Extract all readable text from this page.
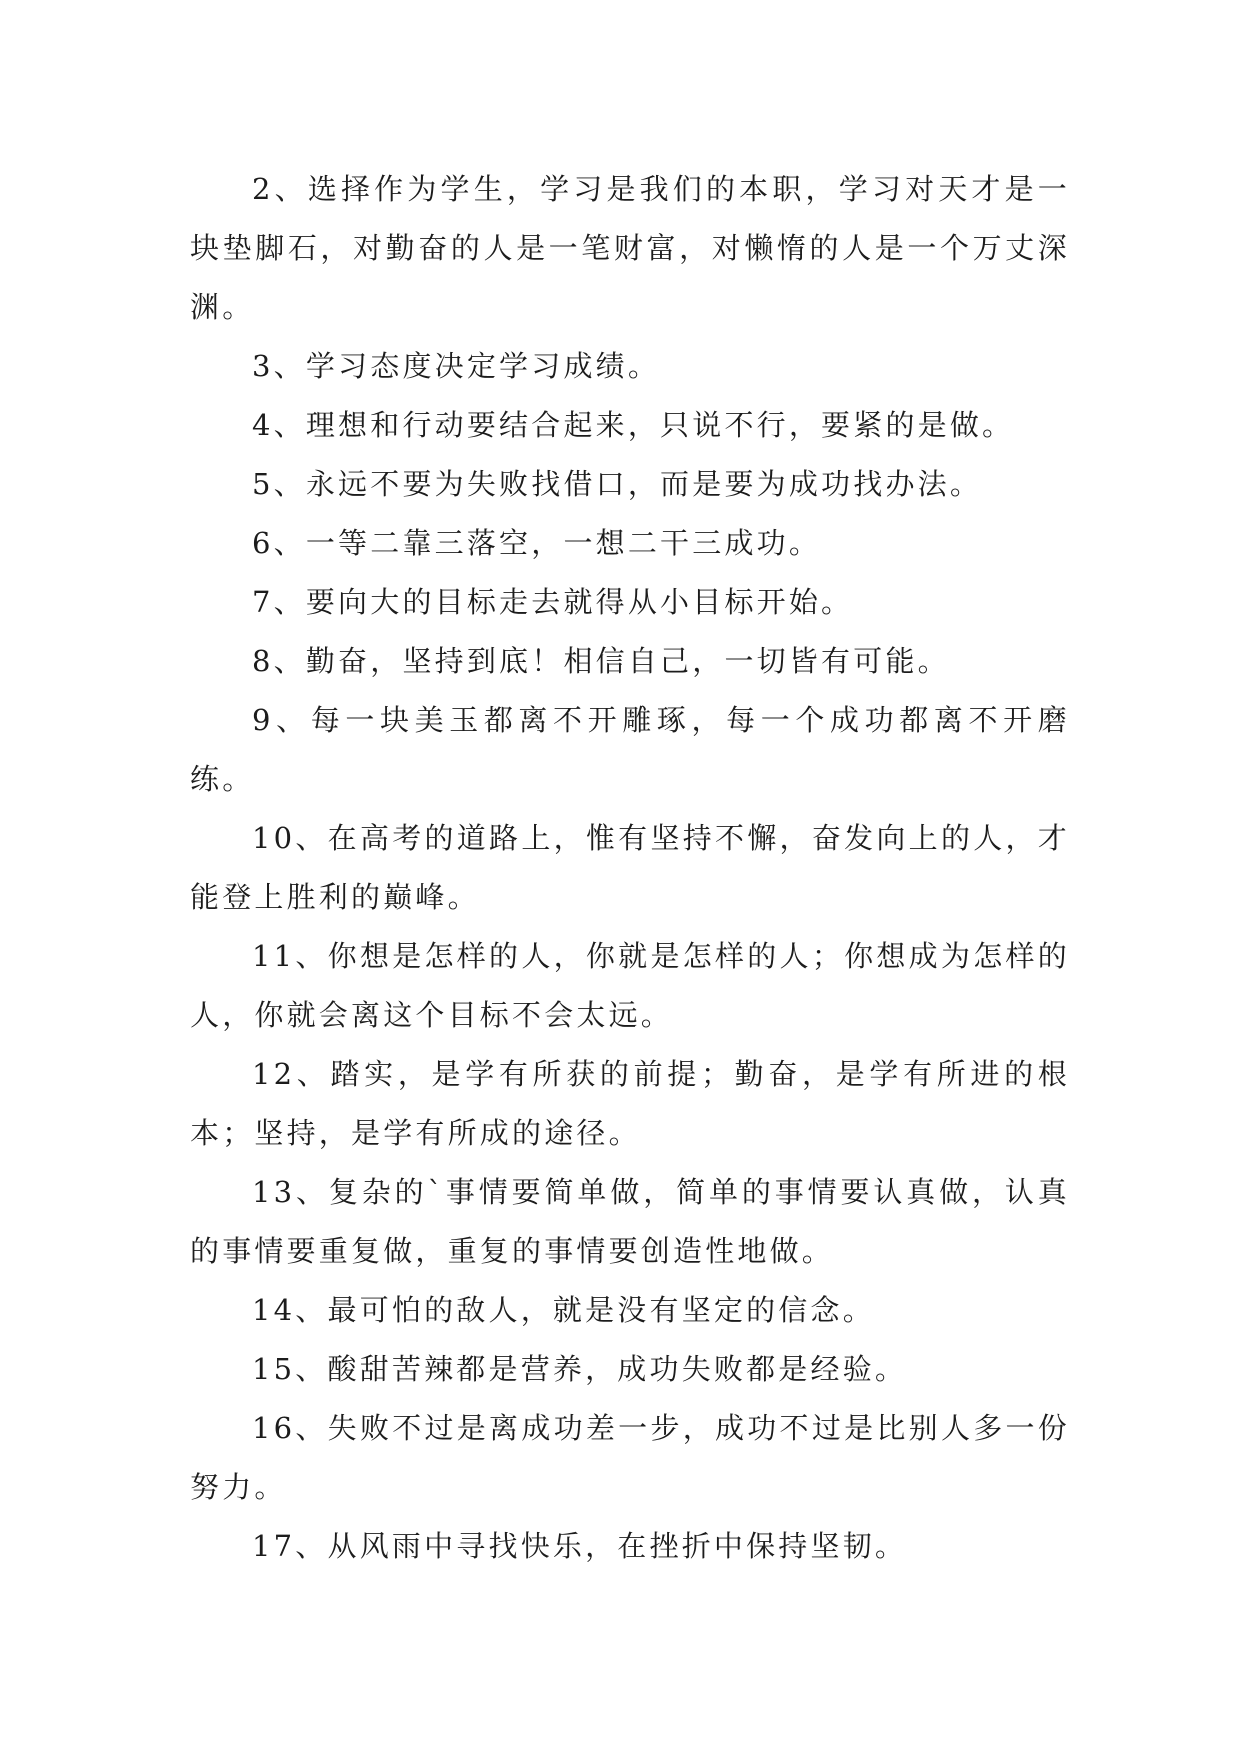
2、选择作为学生，学习是我们的本职，学习对天才是一块垫脚石，对勤奋的人是一笔财富，对懒惰的人是一个万丈深渊。

3、学习态度决定学习成绩。

4、理想和行动要结合起来，只说不行，要紧的是做。

5、永远不要为失败找借口，而是要为成功找办法。

6、一等二靠三落空，一想二干三成功。

7、要向大的目标走去就得从小目标开始。

8、勤奋，坚持到底！相信自己，一切皆有可能。

9、每一块美玉都离不开雕琢，每一个成功都离不开磨练。

10、在高考的道路上，惟有坚持不懈，奋发向上的人，才能登上胜利的巅峰。

11、你想是怎样的人，你就是怎样的人；你想成为怎样的人，你就会离这个目标不会太远。

12、踏实，是学有所获的前提；勤奋，是学有所进的根本；坚持，是学有所成的途径。

13、复杂的`事情要简单做，简单的事情要认真做，认真的事情要重复做，重复的事情要创造性地做。

14、最可怕的敌人，就是没有坚定的信念。

15、酸甜苦辣都是营养，成功失败都是经验。

16、失败不过是离成功差一步，成功不过是比别人多一份努力。

17、从风雨中寻找快乐，在挫折中保持坚韧。
